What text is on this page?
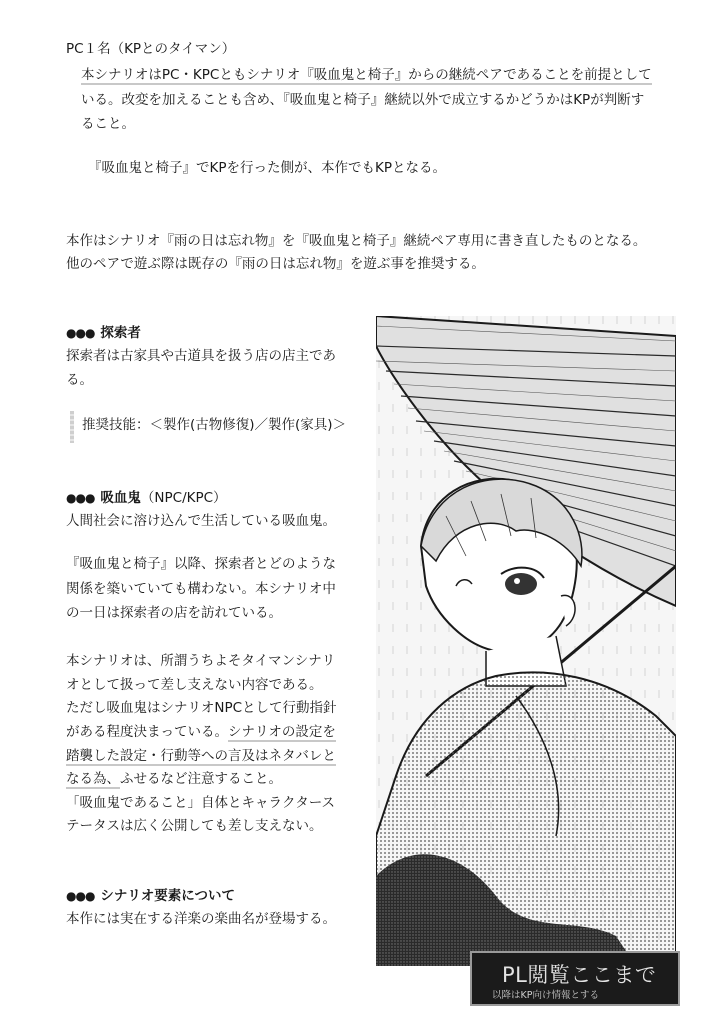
PC１名（KPとのタイマン）
本シナリオはPC・KPCともシナリオ『吸血鬼と椅子』からの継続ペアであることを前提として
いる。改変を加えることも含め、『吸血鬼と椅子』継続以外で成立するかどうかはKPが判断す
ること。
『吸血鬼と椅子』でKPを行った側が、本作でもKPとなる。
本作はシナリオ『雨の日は忘れ物』を『吸血鬼と椅子』継続ペア専用に書き直したものとなる。
他のペアで遊ぶ際は既存の『雨の日は忘れ物』を遊ぶ事を推奨する。
●●● 探索者
探索者は古家具や古道具を扱う店の店主であ
る。
推奨技能：＜製作(古物修復)／製作(家具)＞
●●● 吸血鬼（NPC/KPC）
人間社会に溶け込んで生活している吸血鬼。
『吸血鬼と椅子』以降、探索者とどのような
関係を築いていても構わない。本シナリオ中
の一日は探索者の店を訪れている。
本シナリオは、所謂うちよそタイマンシナリ
オとして扱って差し支えない内容である。
ただし吸血鬼はシナリオNPCとして行動指針
がある程度決まっている。シナリオの設定を
踏襲した設定・行動等への言及はネタバレと
なる為、ふせるなど注意すること。
「吸血鬼であること」自体とキャラクタース
テータスは広く公開しても差し支えない。
●●● シナリオ要素について
本作には実在する洋楽の楽曲名が登場する。
PL閲覧ここまで
以降はKP向け情報とする
